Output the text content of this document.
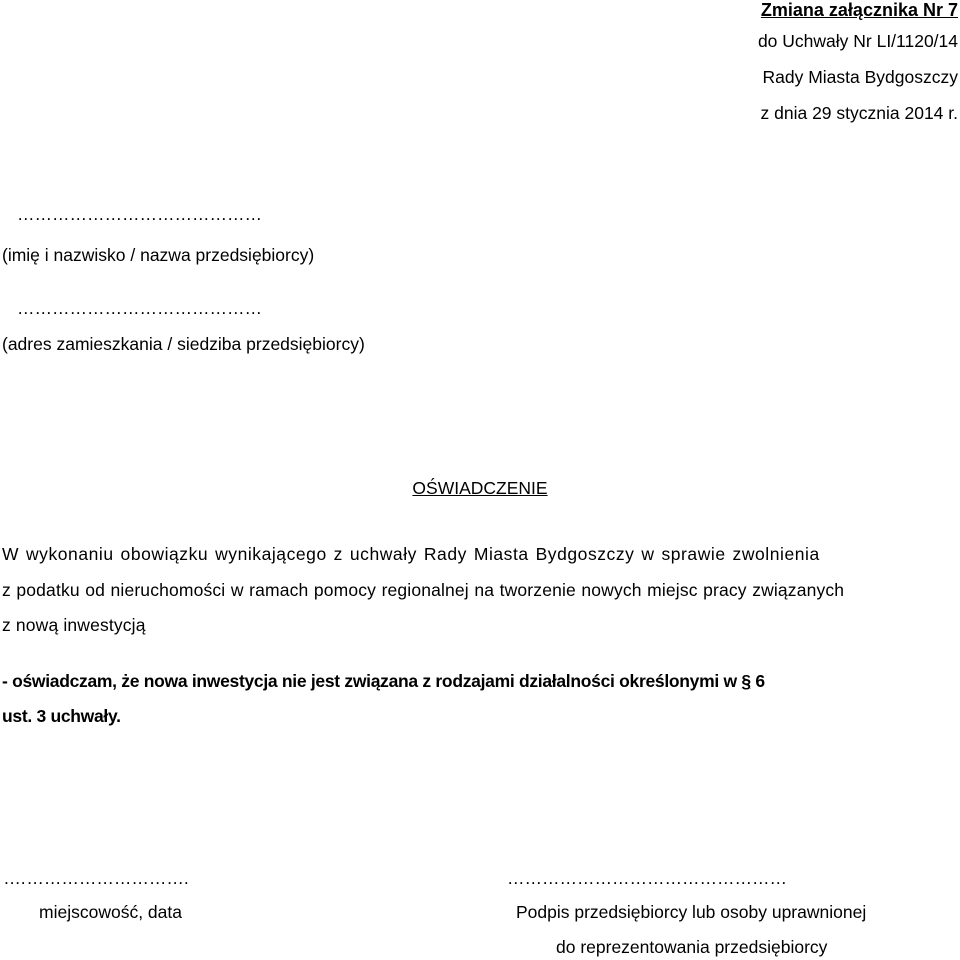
Zmiana załącznika Nr 7
do Uchwały Nr LI/1120/14
Rady Miasta Bydgoszczy
z dnia 29 stycznia 2014 r.
……………………………………
(imię i nazwisko / nazwa przedsiębiorcy)
……………………………………
(adres zamieszkania / siedziba przedsiębiorcy)
OŚWIADCZENIE
W wykonaniu obowiązku wynikającego z uchwały Rady Miasta Bydgoszczy w sprawie zwolnienia
z podatku od nieruchomości w ramach pomocy regionalnej na tworzenie nowych miejsc pracy związanych
z nową inwestycją
- oświadczam, że nowa inwestycja nie jest związana z rodzajami działalności określonymi w § 6
ust. 3 uchwały.
.………………………….
miejscowość, data
…………………………………………
Podpis przedsiębiorcy lub osoby uprawnionej
do reprezentowania przedsiębiorcy
